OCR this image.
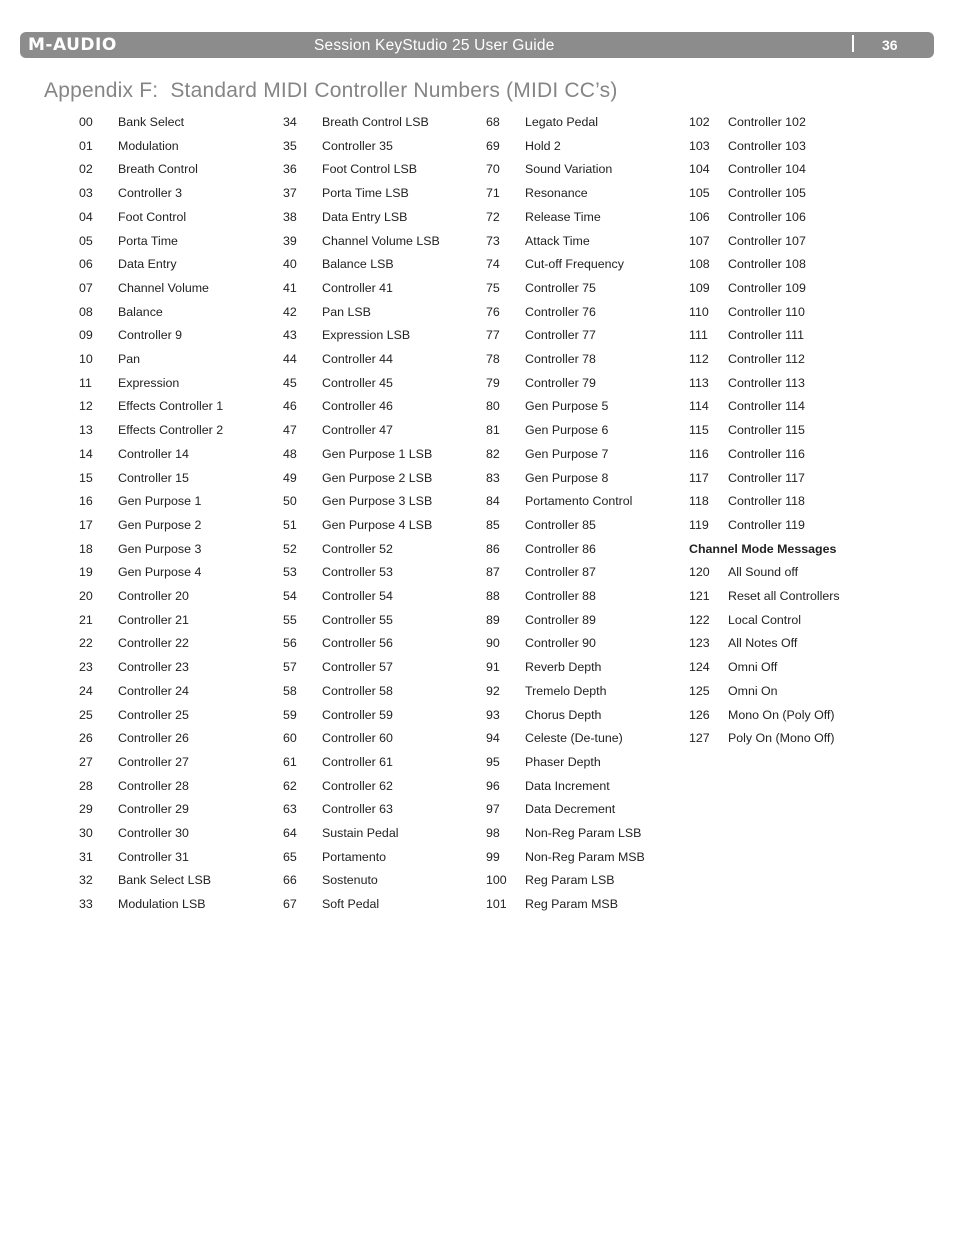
M-AUDIO	Session KeyStudio 25 User Guide	36
Appendix F:  Standard MIDI Controller Numbers (MIDI CC’s)
00 Bank Select
01 Modulation
02 Breath Control
03 Controller 3
04 Foot Control
05 Porta Time
06 Data Entry
07 Channel Volume
08 Balance
09 Controller 9
10 Pan
11 Expression
12 Effects Controller 1
13 Effects Controller 2
14 Controller 14
15 Controller 15
16 Gen Purpose 1
17 Gen Purpose 2
18 Gen Purpose 3
19 Gen Purpose 4
20 Controller 20
21 Controller 21
22 Controller 22
23 Controller 23
24 Controller 24
25 Controller 25
26 Controller 26
27 Controller 27
28 Controller 28
29 Controller 29
30 Controller 30
31 Controller 31
32 Bank Select LSB
33 Modulation LSB
34 Breath Control LSB
35 Controller 35
36 Foot Control LSB
37 Porta Time LSB
38 Data Entry LSB
39 Channel Volume LSB
40 Balance LSB
41 Controller 41
42 Pan LSB
43 Expression LSB
44 Controller 44
45 Controller 45
46 Controller 46
47 Controller 47
48 Gen Purpose 1 LSB
49 Gen Purpose 2 LSB
50 Gen Purpose 3 LSB
51 Gen Purpose 4 LSB
52 Controller 52
53 Controller 53
54 Controller 54
55 Controller 55
56 Controller 56
57 Controller 57
58 Controller 58
59 Controller 59
60 Controller 60
61 Controller 61
62 Controller 62
63 Controller 63
64 Sustain Pedal
65 Portamento
66 Sostenuto
67 Soft Pedal
68 Legato Pedal
69 Hold 2
70 Sound Variation
71 Resonance
72 Release Time
73 Attack Time
74 Cut-off Frequency
75 Controller 75
76 Controller 76
77 Controller 77
78 Controller 78
79 Controller 79
80 Gen Purpose 5
81 Gen Purpose 6
82 Gen Purpose 7
83 Gen Purpose 8
84 Portamento Control
85 Controller 85
86 Controller 86
87 Controller 87
88 Controller 88
89 Controller 89
90 Controller 90
91 Reverb Depth
92 Tremelo Depth
93 Chorus Depth
94 Celeste (De-tune)
95 Phaser Depth
96 Data Increment
97 Data Decrement
98 Non-Reg Param LSB
99 Non-Reg Param MSB
100 Reg Param LSB
101 Reg Param MSB
102 Controller 102
103 Controller 103
104 Controller 104
105 Controller 105
106 Controller 106
107 Controller 107
108 Controller 108
109 Controller 109
110 Controller 110
111 Controller 111
112 Controller 112
113 Controller 113
114 Controller 114
115 Controller 115
116 Controller 116
117 Controller 117
118 Controller 118
119 Controller 119
Channel Mode Messages
120 All Sound off
121 Reset all Controllers
122 Local Control
123 All Notes Off
124 Omni Off
125 Omni On
126 Mono On (Poly Off)
127 Poly On (Mono Off)
